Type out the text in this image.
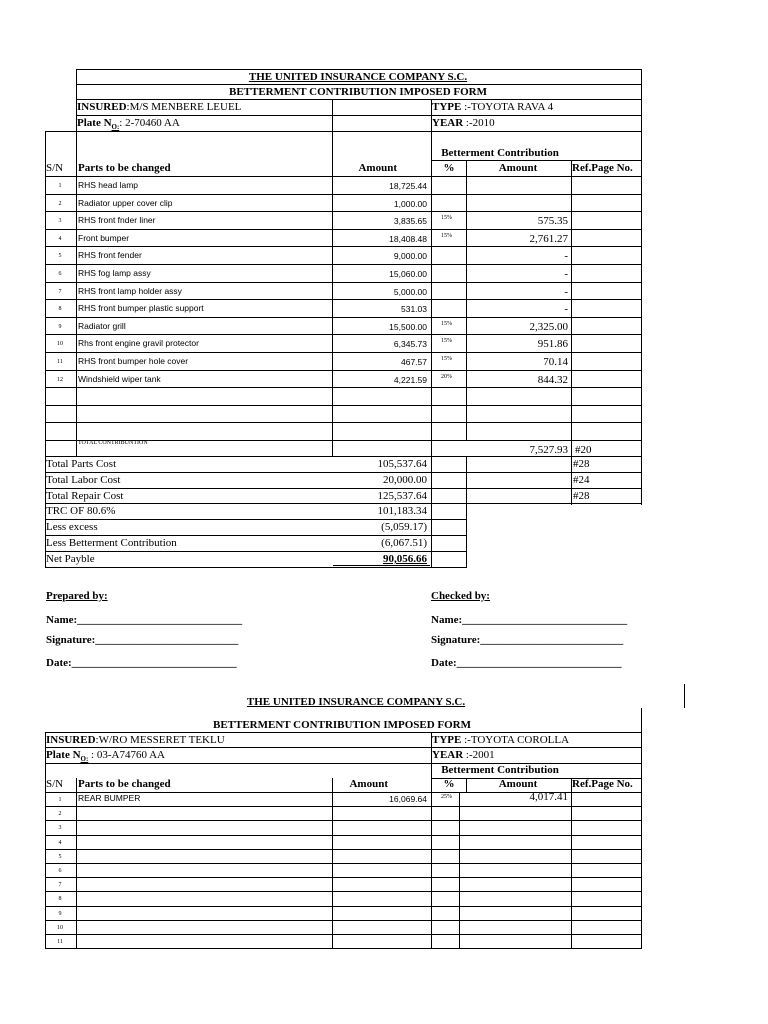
THE UNITED INSURANCE COMPANY S.C.
BETTERMENT CONTRIBUTION IMPOSED FORM
INSURED:M/S MENBERE LEUEL
Plate $N_{O:}$: 2-70460 AA
TYPE :-TOYOTA RAVA 4
YEAR :-2010
Betterment Contribution
S/N Parts to be changed	Amount	%	Amount	Ref.Page No.
1	RHS head lamp	18,725.44
2	Radiator upper cover clip	1,000.00
3	RHS front fnder liner	3,835.65 15%	575.35
4	Front bumper	18,408.48 15%	2,761.27
5	RHS front fender	9,000.00	-
6	RHS fog lamp assy	15,060.00	-
7	RHS front lamp holder assy	5,000.00	-
8	RHS front bumper plastic support	531.03	-
9	Radiator grill	15,500.00 15%	2,325.00
10	Rhs front engine gravil protector	6,345.73 15%	951.86
11	RHS front bumper hole cover	467.57 15%	70.14
12	Windshield wiper tank	4,221.59 20%	844.32
TOTAL CONTRIBUNTION
7,527.93 #20
Total Parts Cost	105,537.64	#28
Total Labor Cost	20,000.00	#24
Total Repair Cost	125,537.64	#28
TRC OF 80.6%	101,183.34
Less excess	(5,059.17)
Less Betterment Contribution	(6,067.51)
Net Payble	90,056.66
Prepared by:	Checked by:
Name:______________________________
Signature:__________________________
Date:______________________________
Name:______________________________
Signature:__________________________
Date:______________________________
THE UNITED INSURANCE COMPANY S.C.
BETTERMENT CONTRIBUTION IMPOSED FORM
INSURED:W/RO MESSERET TEKLU
Plate $N_{O:}$ : 03-A74760 AA
TYPE :-TOYOTA COROLLA
YEAR :-2001
Betterment Contribution
S/N Parts to be changed	Amount	%	Amount	Ref.Page No.
1	REAR BUMPER	16,069.64 25%	4,017.41
2
3
4
5
6
7
8
9
10
11
